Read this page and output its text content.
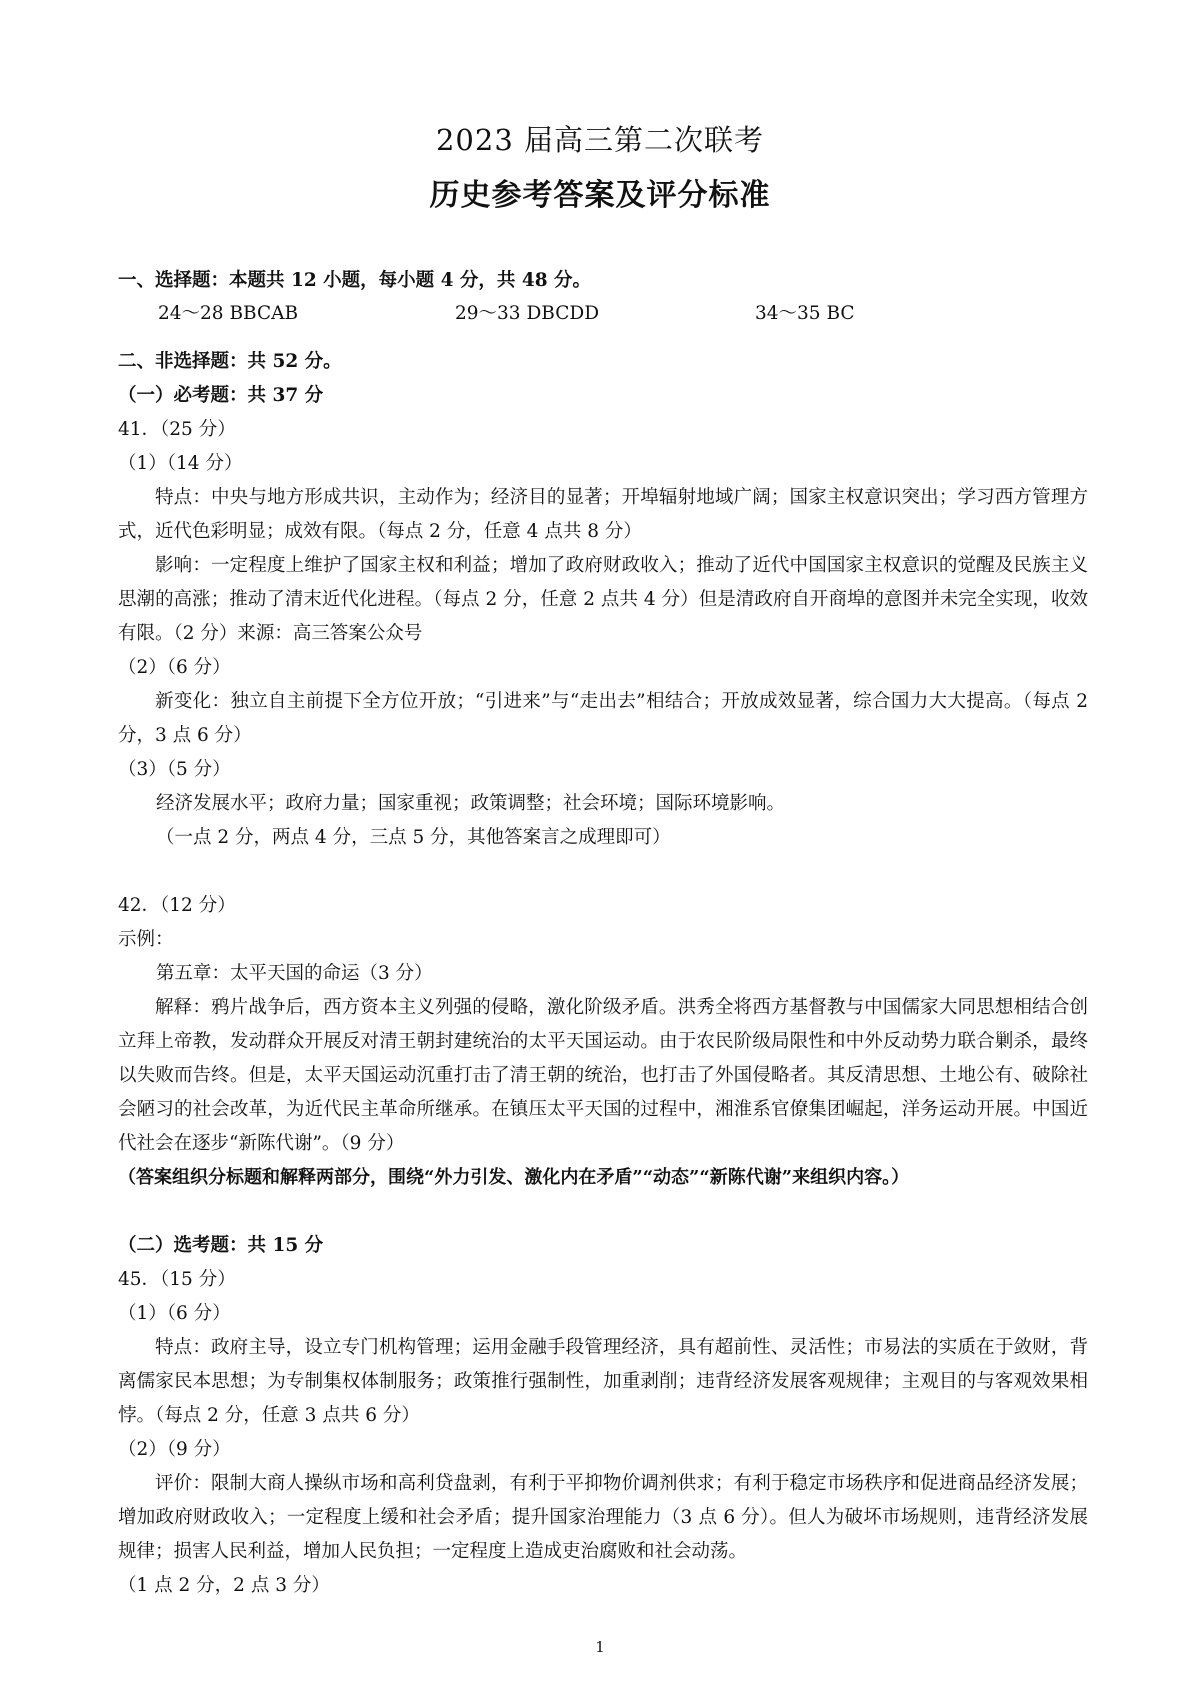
2023 届高三第二次联考
历史参考答案及评分标准
一、选择题：本题共 12 小题，每小题 4 分，共 48 分。
24～28 BBCAB	29～33 DBCDD	34～35 BC
二、非选择题：共 52 分。
（一）必考题：共 37 分
41．（25 分）
（1）（14 分）
特点：中央与地方形成共识，主动作为；经济目的显著；开埠辐射地域广阔；国家主权意识突出；学习西方管理方式，近代色彩明显；成效有限。（每点 2 分，任意 4 点共 8 分）
影响：一定程度上维护了国家主权和利益；增加了政府财政收入；推动了近代中国国家主权意识的觉醒及民族主义思潮的高涨；推动了清末近代化进程。（每点 2 分，任意 2 点共 4 分）但是清政府自开商埠的意图并未完全实现，收效有限。（2 分）来源：高三答案公众号
（2）（6 分）
新变化：独立自主前提下全方位开放；“引进来”与“走出去”相结合；开放成效显著，综合国力大大提高。（每点 2 分，3 点 6 分）
（3）（5 分）
经济发展水平；政府力量；国家重视；政策调整；社会环境；国际环境影响。
（一点 2 分，两点 4 分，三点 5 分，其他答案言之成理即可）
42．（12 分）
示例：
第五章：太平天国的命运（3 分）
解释：鸦片战争后，西方资本主义列强的侵略，激化阶级矛盾。洪秀全将西方基督教与中国儒家大同思想相结合创立拜上帝教，发动群众开展反对清王朝封建统治的太平天国运动。由于农民阶级局限性和中外反动势力联合剿杀，最终以失败而告终。但是，太平天国运动沉重打击了清王朝的统治，也打击了外国侵略者。其反清思想、土地公有、破除社会陋习的社会改革，为近代民主革命所继承。在镇压太平天国的过程中，湘淮系官僚集团崛起，洋务运动开展。中国近代社会在逐步“新陈代谢”。（9 分）
（答案组织分标题和解释两部分，围绕“外力引发、激化内在矛盾”“动态”“新陈代谢”来组织内容。）
（二）选考题：共 15 分
45．（15 分）
（1）（6 分）
特点：政府主导，设立专门机构管理；运用金融手段管理经济，具有超前性、灵活性；市易法的实质在于敛财，背离儒家民本思想；为专制集权体制服务；政策推行强制性，加重剥削；违背经济发展客观规律；主观目的与客观效果相悖。（每点 2 分，任意 3 点共 6 分）
（2）（9 分）
评价：限制大商人操纵市场和高利贷盘剥，有利于平抑物价调剂供求；有利于稳定市场秩序和促进商品经济发展；增加政府财政收入；一定程度上缓和社会矛盾；提升国家治理能力（3 点 6 分）。但人为破坏市场规则，违背经济发展规律；损害人民利益，增加人民负担；一定程度上造成吏治腐败和社会动荡。
（1 点 2 分，2 点 3 分）
1
